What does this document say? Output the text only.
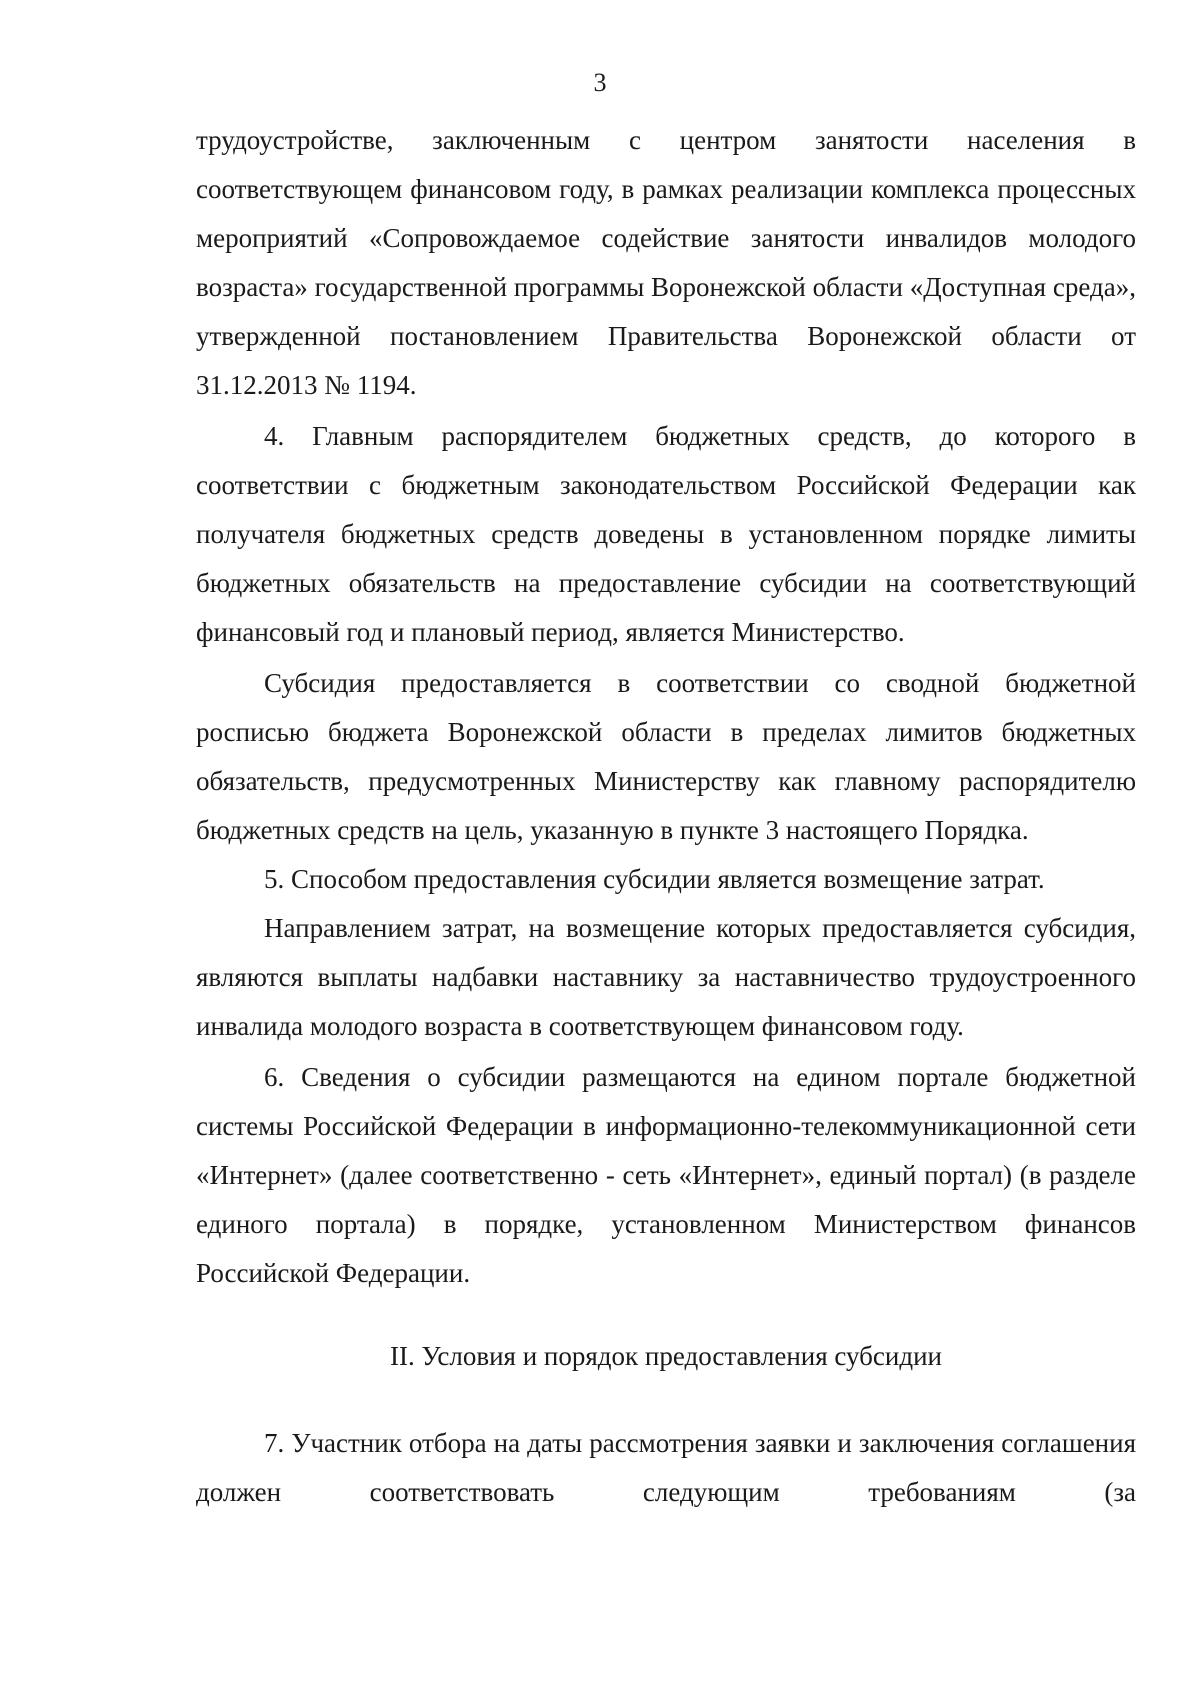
3

трудоустройстве, заключенным с центром занятости населения в соответствующем финансовом году, в рамках реализации комплекса процессных мероприятий «Сопровождаемое содействие занятости инвалидов молодого возраста» государственной программы Воронежской области «Доступная среда», утвержденной постановлением Правительства Воронежской области от 31.12.2013 № 1194.

4. Главным распорядителем бюджетных средств, до которого в соответствии с бюджетным законодательством Российской Федерации как получателя бюджетных средств доведены в установленном порядке лимиты бюджетных обязательств на предоставление субсидии на соответствующий финансовый год и плановый период, является Министерство.

Субсидия предоставляется в соответствии со сводной бюджетной росписью бюджета Воронежской области в пределах лимитов бюджетных обязательств, предусмотренных Министерству как главному распорядителю бюджетных средств на цель, указанную в пункте 3 настоящего Порядка.

5. Способом предоставления субсидии является возмещение затрат.

Направлением затрат, на возмещение которых предоставляется субсидия, являются выплаты надбавки наставнику за наставничество трудоустроенного инвалида молодого возраста в соответствующем финансовом году.

6. Сведения о субсидии размещаются на едином портале бюджетной системы Российской Федерации в информационно-телекоммуникационной сети «Интернет» (далее соответственно - сеть «Интернет», единый портал) (в разделе единого портала) в порядке, установленном Министерством финансов Российской Федерации.

II. Условия и порядок предоставления субсидии

7. Участник отбора на даты рассмотрения заявки и заключения соглашения должен соответствовать следующим требованиям (за
